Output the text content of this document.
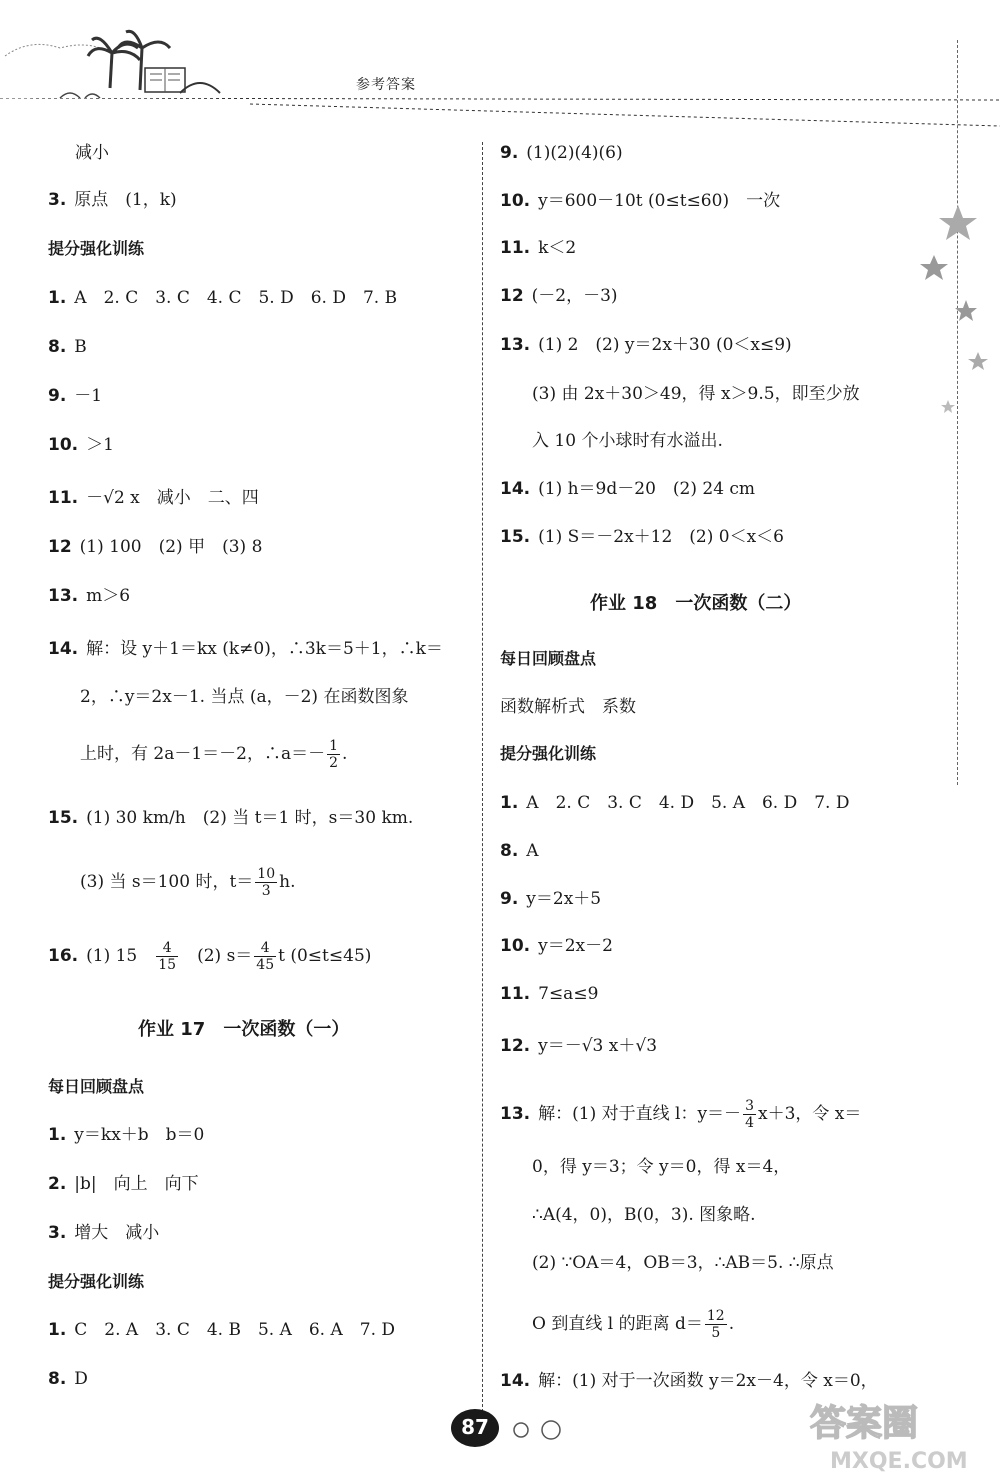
参考答案
减小
3. 原点　(1，k)
提分强化训练
1. A　2. C　3. C　4. C　5. D　6. D　7. B
8. B
9. －1
10. ＞1
11. －√2 x　减小　二、四
12 (1) 100　(2) 甲　(3) 8
13. m＞6
14. 解：设 y＋1＝kx (k≠0)，∴3k＝5＋1，∴k＝
2，∴y＝2x－1. 当点 (a，－2) 在函数图象
上时，有 2a－1＝－2，∴a＝－ $\frac{1}{2}$ .
15. (1) 30 km/h　(2) 当 t＝1 时，s＝30 km.
(3) 当 s＝100 时，$t= \frac{10}{3} h$.
16. (1) 15　 $\frac{4}{15}$
　 (2) $s= \frac{4}{45}$ t (0≤t≤45)
作业 17　一次函数（一）
每日回顾盘点
1. y＝kx＋b　b＝0
2. |b|　向上　向下
3. 增大　减小
提分强化训练
1. C　2. A　3. C　4. B　5. A　6. A　7. D
8. D
9. (1)(2)(4)(6)
10. y＝600－10t (0≤t≤60)　一次
11. k＜2
12 (－2，－3)
13. (1) 2　(2) y＝2x＋30 (0＜x≤9)
(3) 由 2x＋30＞49，得 x＞9.5，即至少放
入 10 个小球时有水溢出.
14. (1) h＝9d－20　(2) 24 cm
15. (1) S＝－2x＋12　(2) 0＜x＜6
作业 18　一次函数（二）
每日回顾盘点
函数解析式　系数
提分强化训练
1. A　2. C　3. C　4. D　5. A　6. D　7. D
8. A
9. y＝2x＋5
10. y＝2x－2
11. 7≤a≤9
12. y＝－√3 x＋√3
13. 解：(1) 对于直线 l：$y=- \frac{3}{4} x+3$，令 x＝
0，得 y＝3；令 y＝0，得 x＝4，
∴A(4，0)，B(0，3). 图象略.
(2) ∵OA＝4，OB＝3，∴AB＝5. ∴原点
O 到直线 l 的距离 $d= \frac{12}{5}$ .
14. 解：(1) 对于一次函数 y＝2x－4，令 x＝0，
87	答案圈
MXQE.COM
